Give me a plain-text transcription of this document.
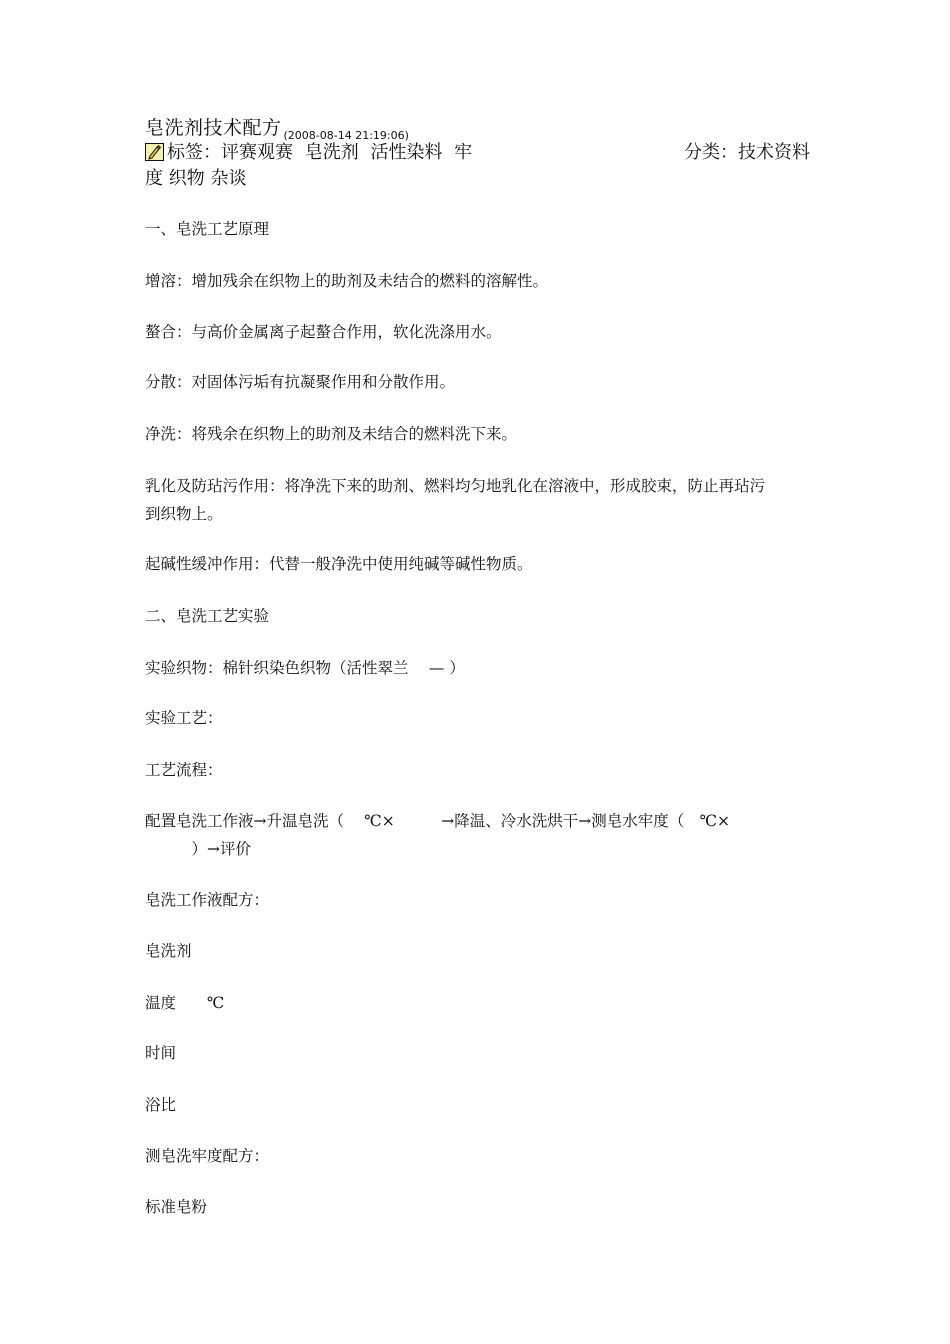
皂洗剂技术配方 $_{(2008-08-14 21:19:06)}$
标签：评赛观赛 皂洗剂 活性染料 牢
度 织物 杂谈
分类：技术资料
一、皂洗工艺原理
增溶：增加残余在织物上的助剂及未结合的燃料的溶解性。
螯合：与高价金属离子起螯合作用，软化洗涤用水。
分散：对固体污垢有抗凝聚作用和分散作用。
净洗：将残余在织物上的助剂及未结合的燃料洗下来。
乳化及防玷污作用：将净洗下来的助剂、燃料均匀地乳化在溶液中，形成胶束，防止再玷污
到织物上。
起碱性缓冲作用：代替一般净洗中使用纯碱等碱性物质。
二、皂洗工艺实验
实验织物：棉针织染色织物（活性翠兰　 — ）
实验工艺：
工艺流程：
配置皂洗工作液→升温皂洗（　 ℃×　　　→降温、冷水洗烘干→测皂水牢度（　℃×
　　　）→评价
皂洗工作液配方：
皂洗剂
温度　　℃
时间
浴比
测皂洗牢度配方：
标准皂粉
